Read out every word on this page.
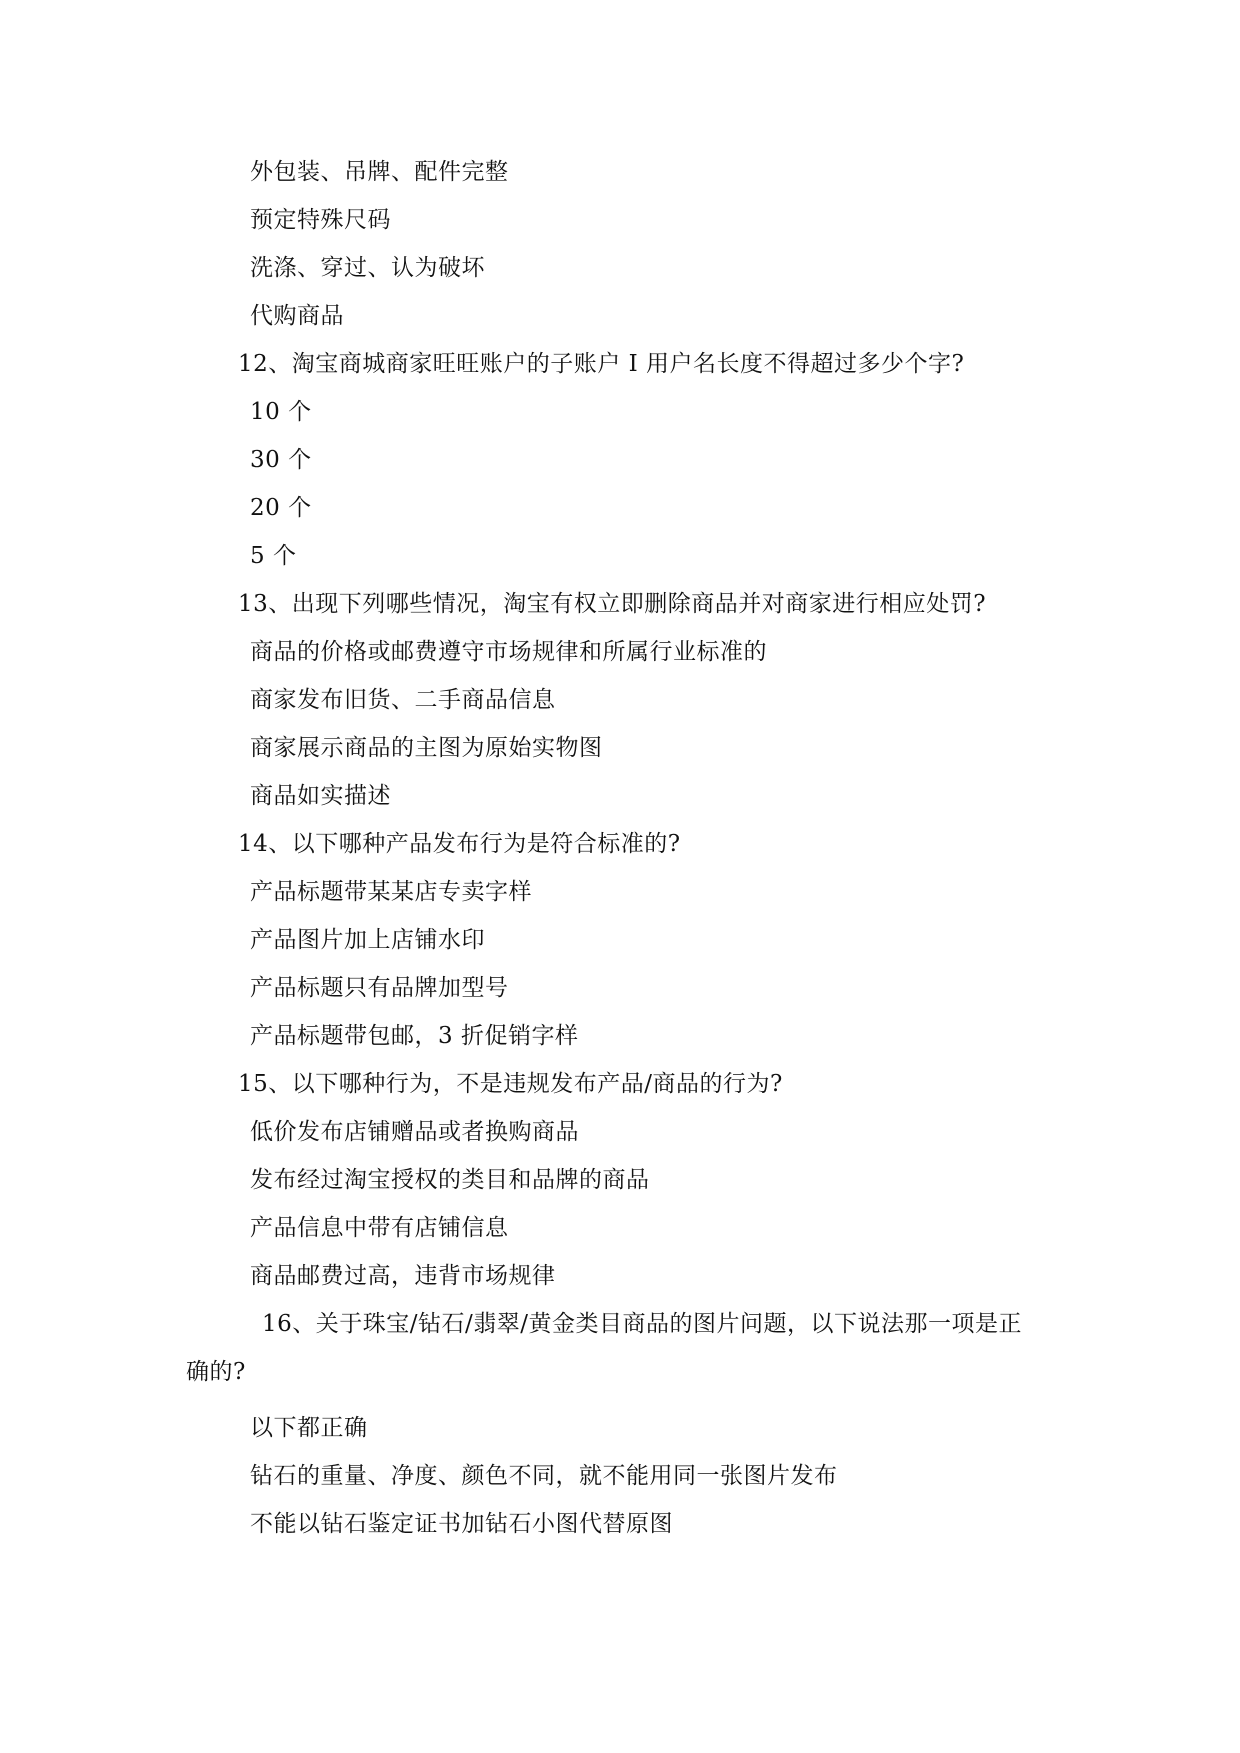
外包装、吊牌、配件完整
预定特殊尺码
洗涤、穿过、认为破坏
代购商品
12、淘宝商城商家旺旺账户的子账户 I 用户名长度不得超过多少个字?
10 个
30 个
20 个
5 个
13、出现下列哪些情况，淘宝有权立即删除商品并对商家进行相应处罚?
商品的价格或邮费遵守市场规律和所属行业标准的
商家发布旧货、二手商品信息
商家展示商品的主图为原始实物图
商品如实描述
14、以下哪种产品发布行为是符合标准的?
产品标题带某某店专卖字样
产品图片加上店铺水印
产品标题只有品牌加型号
产品标题带包邮，3 折促销字样
15、以下哪种行为，不是违规发布产品/商品的行为?
低价发布店铺赠品或者换购商品
发布经过淘宝授权的类目和品牌的商品
产品信息中带有店铺信息
商品邮费过高，违背市场规律
16、关于珠宝/钻石/翡翠/黄金类目商品的图片问题，以下说法那一项是正
确的?
以下都正确
钻石的重量、净度、颜色不同，就不能用同一张图片发布
不能以钻石鉴定证书加钻石小图代替原图
